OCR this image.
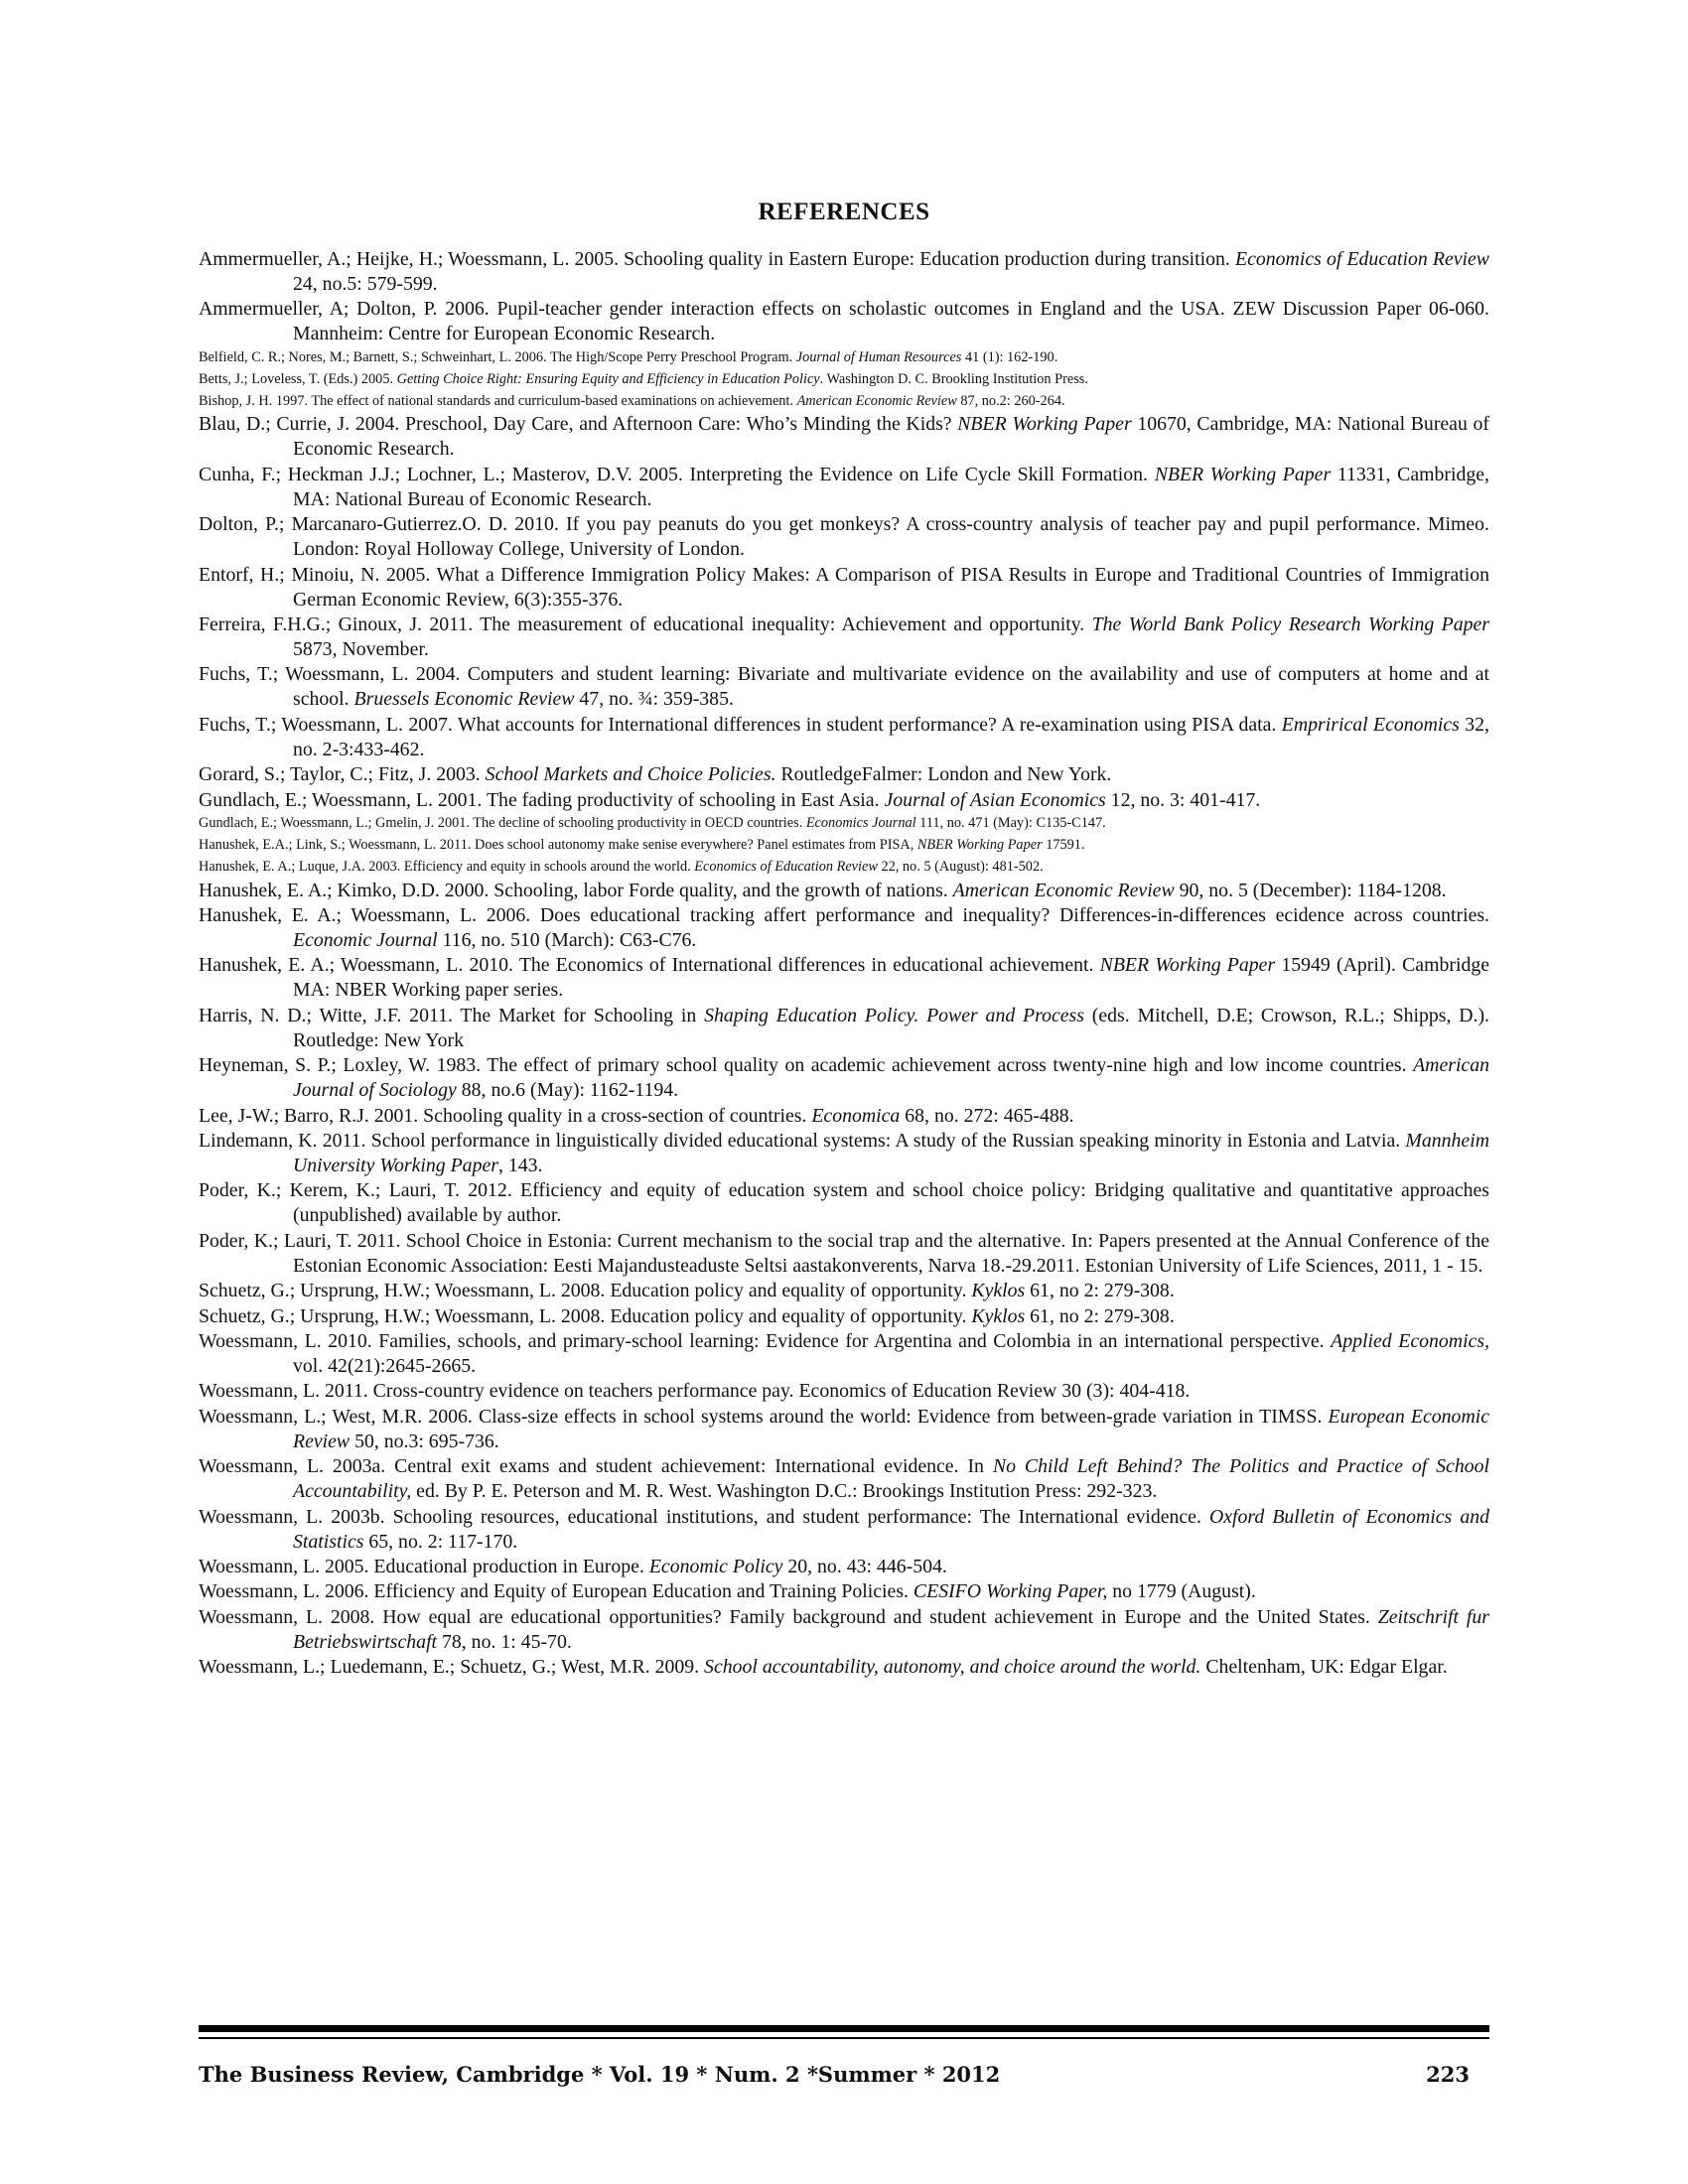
REFERENCES

Ammermueller, A.; Heijke, H.; Woessmann, L. 2005. Schooling quality in Eastern Europe: Education production during transition. Economics of Education Review 24, no.5: 579-599.

Ammermueller, A; Dolton, P. 2006. Pupil-teacher gender interaction effects on scholastic outcomes in England and the USA. ZEW Discussion Paper 06-060. Mannheim: Centre for European Economic Research.

Belfield, C. R.; Nores, M.; Barnett, S.; Schweinhart, L. 2006. The High/Scope Perry Preschool Program. Journal of Human Resources 41 (1): 162-190.

Betts, J.; Loveless, T. (Eds.) 2005. Getting Choice Right: Ensuring Equity and Efficiency in Education Policy. Washington D. C. Brookling Institution Press.

Bishop, J. H. 1997. The effect of national standards and curriculum-based examinations on achievement. American Economic Review 87, no.2: 260-264.

Blau, D.; Currie, J. 2004. Preschool, Day Care, and Afternoon Care: Who’s Minding the Kids? NBER Working Paper 10670, Cambridge, MA: National Bureau of Economic Research.

Cunha, F.; Heckman J.J.; Lochner, L.; Masterov, D.V. 2005. Interpreting the Evidence on Life Cycle Skill Formation. NBER Working Paper 11331, Cambridge, MA: National Bureau of Economic Research.

Dolton, P.; Marcanaro-Gutierrez.O. D. 2010. If you pay peanuts do you get monkeys? A cross-country analysis of teacher pay and pupil performance. Mimeo. London: Royal Holloway College, University of London.

Entorf, H.; Minoiu, N. 2005. What a Difference Immigration Policy Makes: A Comparison of PISA Results in Europe and Traditional Countries of Immigration German Economic Review, 6(3):355-376.

Ferreira, F.H.G.; Ginoux, J. 2011. The measurement of educational inequality: Achievement and opportunity. The World Bank Policy Research Working Paper 5873, November.

Fuchs, T.; Woessmann, L. 2004. Computers and student learning: Bivariate and multivariate evidence on the availability and use of computers at home and at school. Bruessels Economic Review 47, no. ¾: 359-385.

Fuchs, T.; Woessmann, L. 2007. What accounts for International differences in student performance? A re-examination using PISA data. Emprirical Economics 32, no. 2-3:433-462.

Gorard, S.; Taylor, C.; Fitz, J. 2003. School Markets and Choice Policies. RoutledgeFalmer: London and New York.

Gundlach, E.; Woessmann, L. 2001. The fading productivity of schooling in East Asia. Journal of Asian Economics 12, no. 3: 401-417.

Gundlach, E.; Woessmann, L.; Gmelin, J. 2001. The decline of schooling productivity in OECD countries. Economics Journal 111, no. 471 (May): C135-C147.

Hanushek, E.A.; Link, S.; Woessmann, L. 2011. Does school autonomy make senise everywhere? Panel estimates from PISA, NBER Working Paper 17591.

Hanushek, E. A.; Luque, J.A. 2003. Efficiency and equity in schools around the world. Economics of Education Review 22, no. 5 (August): 481-502.

Hanushek, E. A.; Kimko, D.D. 2000. Schooling, labor Forde quality, and the growth of nations. American Economic Review 90, no. 5 (December): 1184-1208.

Hanushek, E. A.; Woessmann, L. 2006. Does educational tracking affert performance and inequality? Differences-in-differences ecidence across countries. Economic Journal 116, no. 510 (March): C63-C76.

Hanushek, E. A.; Woessmann, L. 2010. The Economics of International differences in educational achievement. NBER Working Paper 15949 (April). Cambridge MA: NBER Working paper series.

Harris, N. D.; Witte, J.F. 2011. The Market for Schooling in Shaping Education Policy. Power and Process (eds. Mitchell, D.E; Crowson, R.L.; Shipps, D.). Routledge: New York

Heyneman, S. P.; Loxley, W. 1983. The effect of primary school quality on academic achievement across twenty-nine high and low income countries. American Journal of Sociology 88, no.6 (May): 1162-1194.

Lee, J-W.; Barro, R.J. 2001. Schooling quality in a cross-section of countries. Economica 68, no. 272: 465-488.

Lindemann, K. 2011. School performance in linguistically divided educational systems: A study of the Russian speaking minority in Estonia and Latvia. Mannheim University Working Paper, 143.

Poder, K.; Kerem, K.; Lauri, T. 2012. Efficiency and equity of education system and school choice policy: Bridging qualitative and quantitative approaches (unpublished) available by author.

Poder, K.; Lauri, T. 2011. School Choice in Estonia: Current mechanism to the social trap and the alternative. In: Papers presented at the Annual Conference of the Estonian Economic Association: Eesti Majandusteaduste Seltsi aastakonverents, Narva 18.-29.2011. Estonian University of Life Sciences, 2011, 1 - 15.

Schuetz, G.; Ursprung, H.W.; Woessmann, L. 2008. Education policy and equality of opportunity. Kyklos 61, no 2: 279-308.

Schuetz, G.; Ursprung, H.W.; Woessmann, L. 2008. Education policy and equality of opportunity. Kyklos 61, no 2: 279-308.

Woessmann, L. 2010. Families, schools, and primary-school learning: Evidence for Argentina and Colombia in an international perspective. Applied Economics, vol. 42(21):2645-2665.

Woessmann, L. 2011. Cross-country evidence on teachers performance pay. Economics of Education Review 30 (3): 404-418.

Woessmann, L.; West, M.R. 2006. Class-size effects in school systems around the world: Evidence from between-grade variation in TIMSS. European Economic Review 50, no.3: 695-736.

Woessmann, L. 2003a. Central exit exams and student achievement: International evidence. In No Child Left Behind? The Politics and Practice of School Accountability, ed. By P. E. Peterson and M. R. West. Washington D.C.: Brookings Institution Press: 292-323.

Woessmann, L. 2003b. Schooling resources, educational institutions, and student performance: The International evidence. Oxford Bulletin of Economics and Statistics 65, no. 2: 117-170.

Woessmann, L. 2005. Educational production in Europe. Economic Policy 20, no. 43: 446-504.

Woessmann, L. 2006. Efficiency and Equity of European Education and Training Policies. CESIFO Working Paper, no 1779 (August).

Woessmann, L. 2008. How equal are educational opportunities? Family background and student achievement in Europe and the United States. Zeitschrift fur Betriebswirtschaft 78, no. 1: 45-70.

Woessmann, L.; Luedemann, E.; Schuetz, G.; West, M.R. 2009. School accountability, autonomy, and choice around the world. Cheltenham, UK: Edgar Elgar.

The Business Review, Cambridge * Vol. 19 * Num. 2 *Summer * 2012	223
